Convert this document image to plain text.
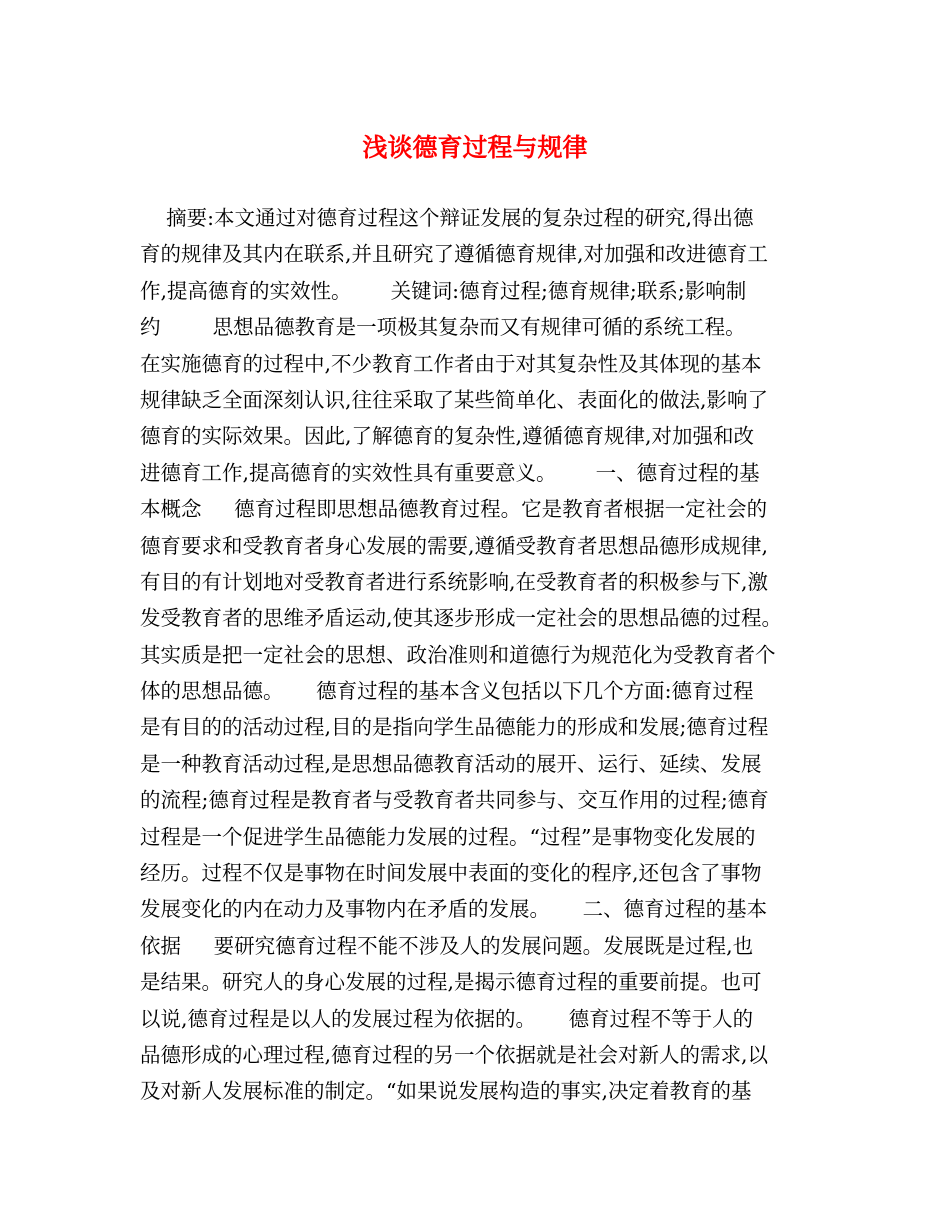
浅谈德育过程与规律
摘要:本文通过对德育过程这个辩证发展的复杂过程的研究,得出德
育的规律及其内在联系,并且研究了遵循德育规律,对加强和改进德育工
作,提高德育的实效性。      关键词:德育过程;德育规律;联系;影响制
约        思想品德教育是一项极其复杂而又有规律可循的系统工程。
在实施德育的过程中,不少教育工作者由于对其复杂性及其体现的基本
规律缺乏全面深刻认识,往往采取了某些简单化、表面化的做法,影响了
德育的实际效果。因此,了解德育的复杂性,遵循德育规律,对加强和改
进德育工作,提高德育的实效性具有重要意义。      一、德育过程的基
本概念     德育过程即思想品德教育过程。它是教育者根据一定社会的
德育要求和受教育者身心发展的需要,遵循受教育者思想品德形成规律,
有目的有计划地对受教育者进行系统影响,在受教育者的积极参与下,激
发受教育者的思维矛盾运动,使其逐步形成一定社会的思想品德的过程。
其实质是把一定社会的思想、政治准则和道德行为规范化为受教育者个
体的思想品德。     德育过程的基本含义包括以下几个方面:德育过程
是有目的的活动过程,目的是指向学生品德能力的形成和发展;德育过程
是一种教育活动过程,是思想品德教育活动的展开、运行、延续、发展
的流程;德育过程是教育者与受教育者共同参与、交互作用的过程;德育
过程是一个促进学生品德能力发展的过程。“过程”是事物变化发展的
经历。过程不仅是事物在时间发展中表面的变化的程序,还包含了事物
发展变化的内在动力及事物内在矛盾的发展。     二、德育过程的基本
依据     要研究德育过程不能不涉及人的发展问题。发展既是过程,也
是结果。研究人的身心发展的过程,是揭示德育过程的重要前提。也可
以说,德育过程是以人的发展过程为依据的。     德育过程不等于人的
品德形成的心理过程,德育过程的另一个依据就是社会对新人的需求,以
及对新人发展标准的制定。“如果说发展构造的事实,决定着教育的基
